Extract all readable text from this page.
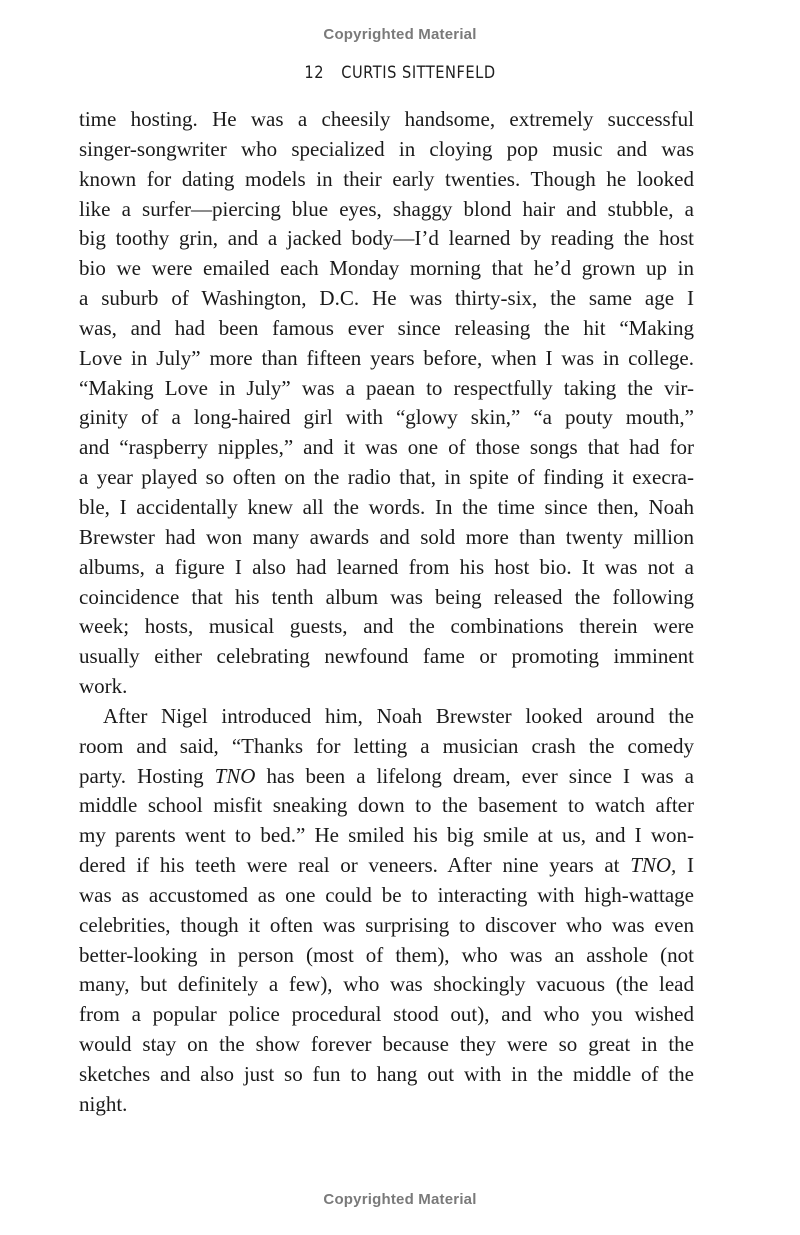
Copyrighted Material
12 CURTIS SITTENFELD
time hosting. He was a cheesily handsome, extremely successful
singer-songwriter who specialized in cloying pop music and was
known for dating models in their early twenties. Though he looked
like a surfer—piercing blue eyes, shaggy blond hair and stubble, a
big toothy grin, and a jacked body—I’d learned by reading the host
bio we were emailed each Monday morning that he’d grown up in
a suburb of Washington, D.C. He was thirty-six, the same age I
was, and had been famous ever since releasing the hit “Making
Love in July” more than fifteen years before, when I was in college.
“Making Love in July” was a paean to respectfully taking the vir-
ginity of a long-haired girl with “glowy skin,” “a pouty mouth,”
and “raspberry nipples,” and it was one of those songs that had for
a year played so often on the radio that, in spite of finding it execra-
ble, I accidentally knew all the words. In the time since then, Noah
Brewster had won many awards and sold more than twenty million
albums, a figure I also had learned from his host bio. It was not a
coincidence that his tenth album was being released the following
week; hosts, musical guests, and the combinations therein were
usually either celebrating newfound fame or promoting imminent
work.
After Nigel introduced him, Noah Brewster looked around the
room and said, “Thanks for letting a musician crash the comedy
party. Hosting TNO has been a lifelong dream, ever since I was a
middle school misfit sneaking down to the basement to watch after
my parents went to bed.” He smiled his big smile at us, and I won-
dered if his teeth were real or veneers. After nine years at TNO, I
was as accustomed as one could be to interacting with high-wattage
celebrities, though it often was surprising to discover who was even
better-looking in person (most of them), who was an asshole (not
many, but definitely a few), who was shockingly vacuous (the lead
from a popular police procedural stood out), and who you wished
would stay on the show forever because they were so great in the
sketches and also just so fun to hang out with in the middle of the
night.
Copyrighted Material
